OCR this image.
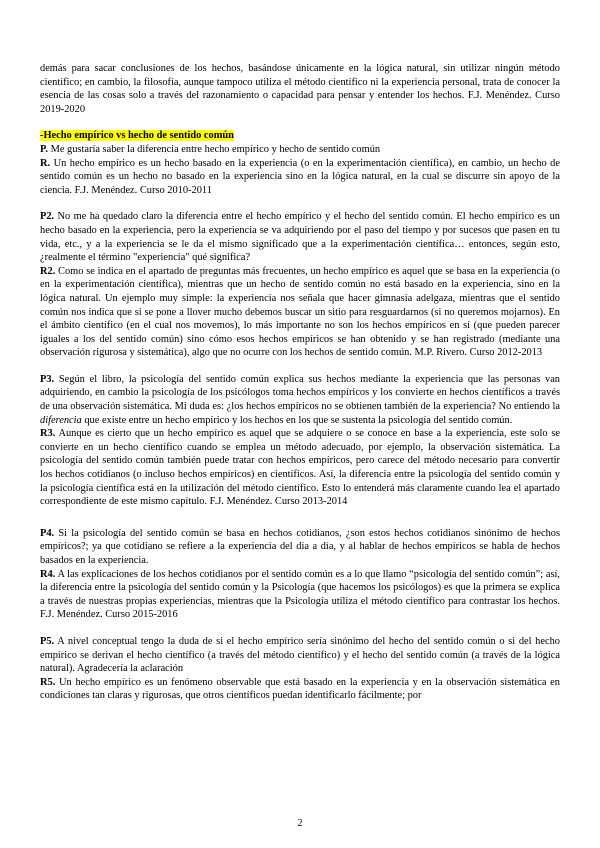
demás para sacar conclusiones de los hechos, basándose únicamente en la lógica natural, sin utilizar ningún método científico; en cambio, la filosofía, aunque tampoco utiliza el método científico ni la experiencia personal, trata de conocer la esencia de las cosas solo a través del razonamiento o capacidad para pensar y entender los hechos. F.J. Menéndez. Curso 2019-2020

-Hecho empírico vs hecho de sentido común

P. Me gustaría saber la diferencia entre hecho empírico y hecho de sentido común

R. Un hecho empírico es un hecho basado en la experiencia (o en la experimentación científica), en cambio, un hecho de sentido común es un hecho no basado en la experiencia sino en la lógica natural, en la cual se discurre sin apoyo de la ciencia. F.J. Menéndez. Curso 2010-2011

P2. No me ha quedado claro la diferencia entre el hecho empírico y el hecho del sentido común. El hecho empírico es un hecho basado en la experiencia, pero la experiencia se va adquiriendo por el paso del tiempo y por sucesos que pasen en tu vida, etc., y a la experiencia se le da el mismo significado que a la experimentación científica… entonces, según esto, ¿realmente el término "experiencia" qué significa?

R2. Como se indica en el apartado de preguntas más frecuentes, un hecho empírico es aquel que se basa en la experiencia (o en la experimentación científica), mientras que un hecho de sentido común no está basado en la experiencia, sino en la lógica natural. Un ejemplo muy simple: la experiencia nos señala que hacer gimnasia adelgaza, mientras que el sentido común nos indica que si se pone a llover mucho debemos buscar un sitio para resguardarnos (si no queremos mojarnos). En el ámbito científico (en el cual nos movemos), lo más importante no son los hechos empíricos en sí (que pueden parecer iguales a los del sentido común) sino cómo esos hechos empíricos se han obtenido y se han registrado (mediante una observación rigurosa y sistemática), algo que no ocurre con los hechos de sentido común. M.P. Rivero. Curso 2012-2013

P3. Según el libro, la psicología del sentido común explica sus hechos mediante la experiencia que las personas van adquiriendo, en cambio la psicología de los psicólogos toma hechos empíricos y los convierte en hechos científicos a través de una observación sistemática. Mi duda es: ¿los hechos empíricos no se obtienen también de la experiencia? No entiendo la diferencia que existe entre un hecho empírico y los hechos en los que se sustenta la psicología del sentido común.

R3. Aunque es cierto que un hecho empírico es aquel que se adquiere o se conoce en base a la experiencia, este solo se convierte en un hecho científico cuando se emplea un método adecuado, por ejemplo, la observación sistemática. La psicología del sentido común también puede tratar con hechos empíricos, pero carece del método necesario para convertir los hechos cotidianos (o incluso hechos empíricos) en científicos. Así, la diferencia entre la psicología del sentido común y la psicología científica está en la utilización del método científico. Esto lo entenderá más claramente cuando lea el apartado correspondiente de este mismo capítulo. F.J. Menéndez. Curso 2013-2014

P4. Si la psicología del sentido común se basa en hechos cotidianos, ¿son estos hechos cotidianos sinónimo de hechos empíricos?; ya que cotidiano se refiere a la experiencia del día a día, y al hablar de hechos empíricos se habla de hechos basados en la experiencia.

R4. A las explicaciones de los hechos cotidianos por el sentido común es a lo que llamo “psicología del sentido común”; así, la diferencia entre la psicología del sentido común y la Psicología (que hacemos los psicólogos) es que la primera se explica a través de nuestras propias experiencias, mientras que la Psicología utiliza el método científico para contrastar los hechos. F.J. Menéndez. Curso 2015-2016

P5. A nivel conceptual tengo la duda de si el hecho empírico sería sinónimo del hecho del sentido común o si del hecho empírico se derivan el hecho científico (a través del método científico) y el hecho del sentido común (a través de la lógica natural). Agradecería la aclaración

R5. Un hecho empírico es un fenómeno observable que está basado en la experiencia y en la observación sistemática en condiciones tan claras y rigurosas, que otros científicos puedan identificarlo fácilmente; por

2
